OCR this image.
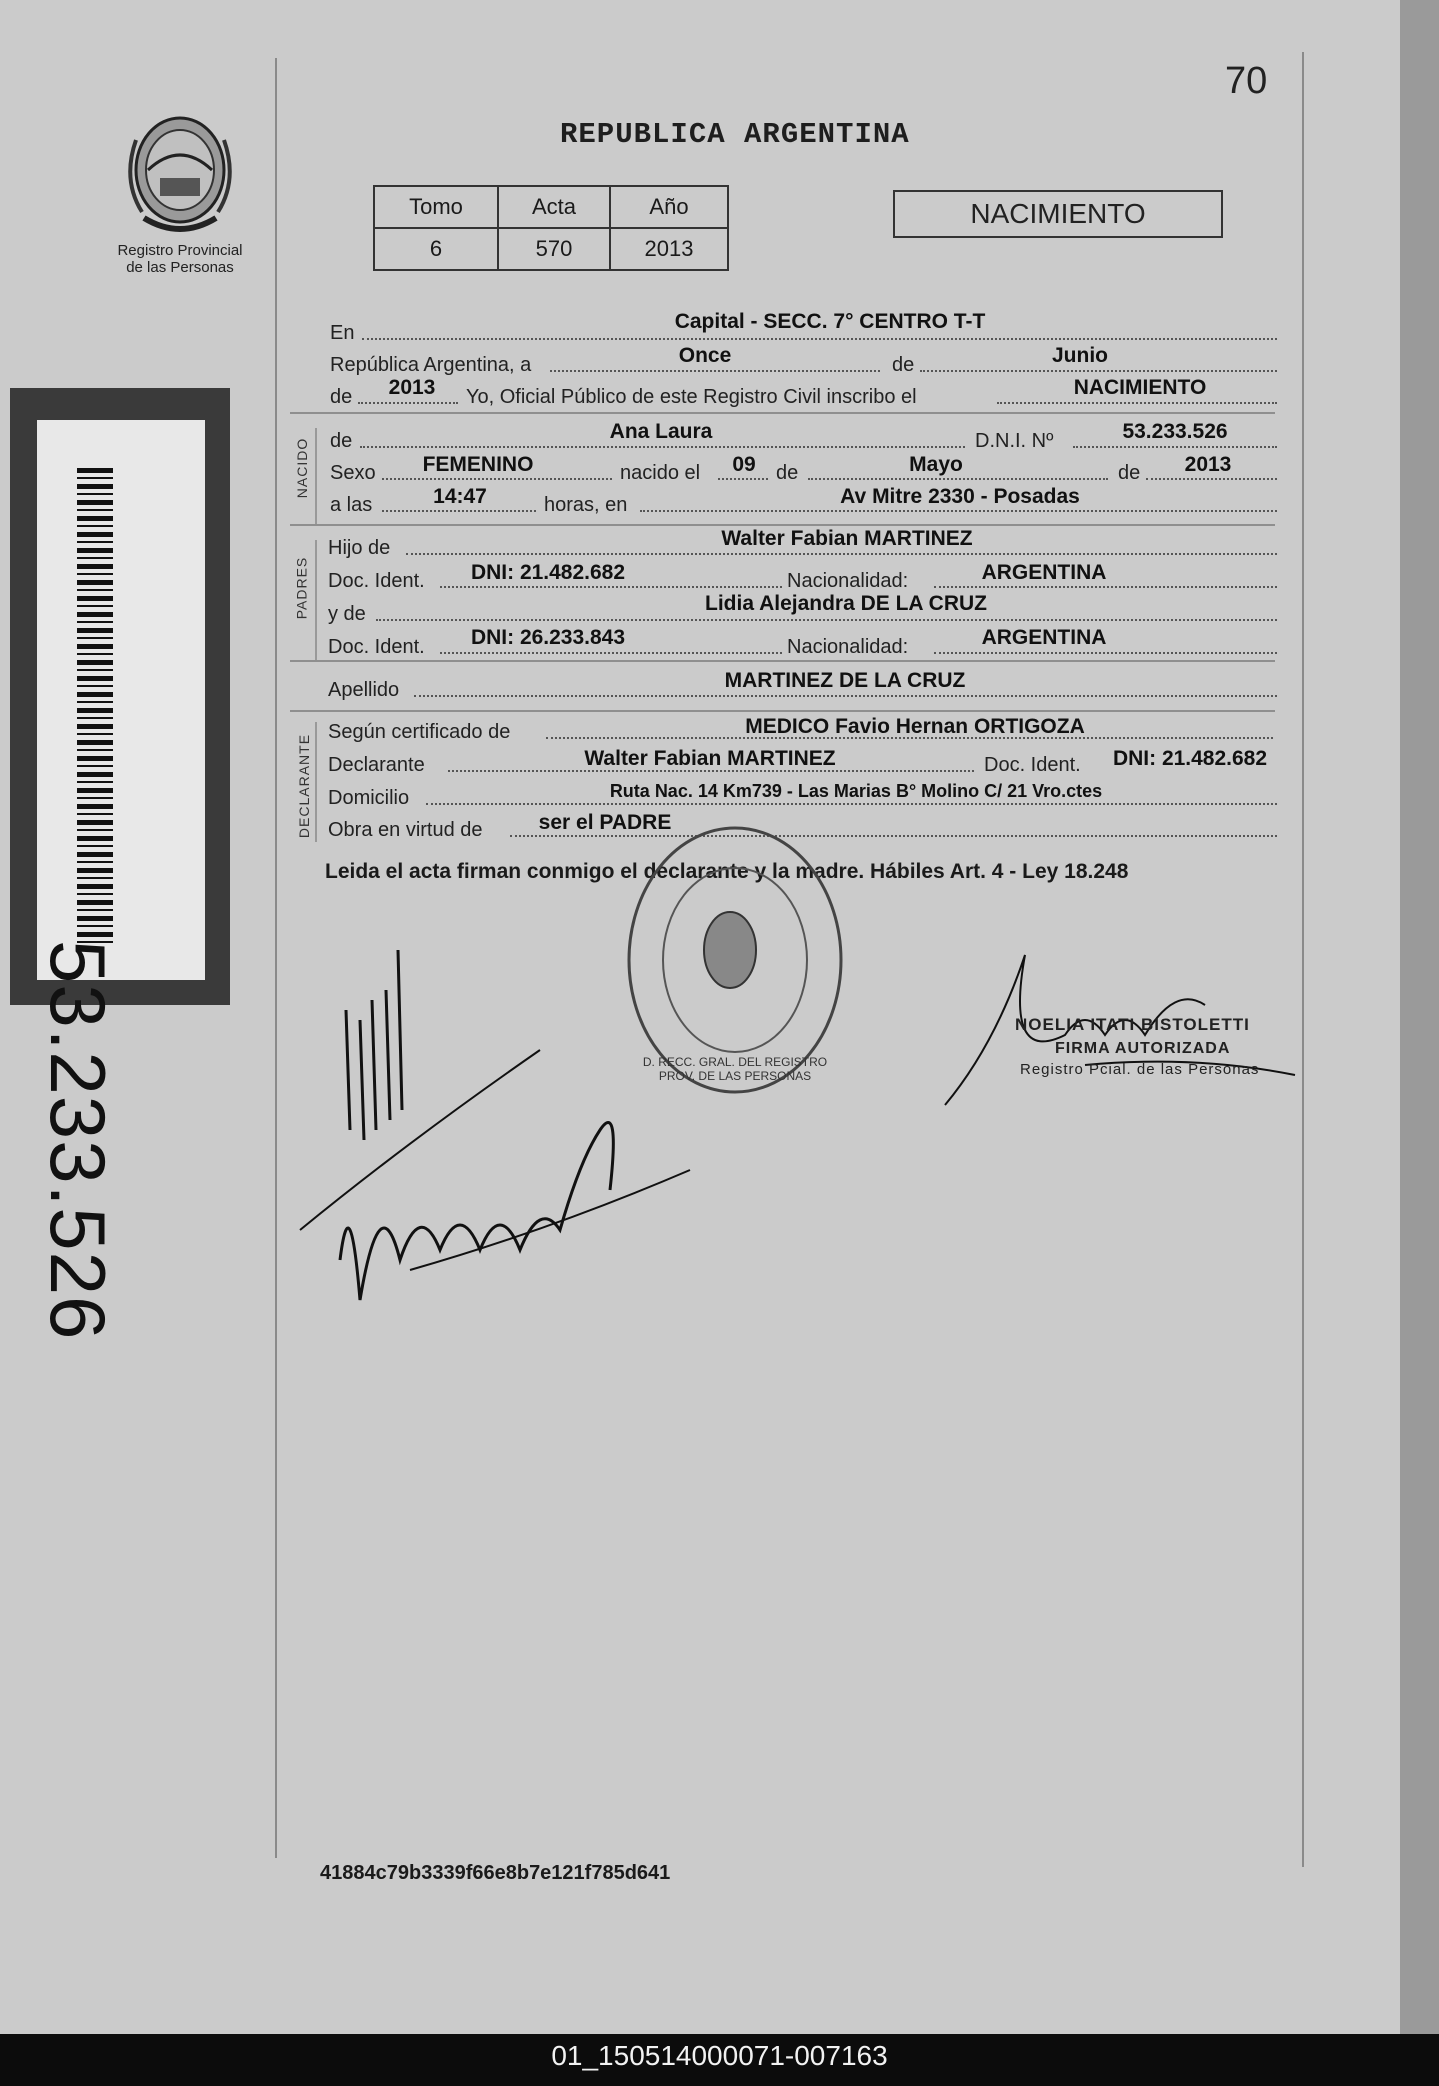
70
REPUBLICA ARGENTINA
Registro Provincial
de las Personas
Tomo	Acta	Año
6	570	2013
NACIMIENTO
53.233.526
NACIDO
PADRES
DECLARANTE
En	Capital - SECC. 7° CENTRO T-T
República Argentina, a	Once	de	Junio
de 2013 Yo, Oficial Público de este Registro Civil inscribo el	NACIMIENTO
de	Ana Laura	D.N.I. Nº	53.233.526
Sexo FEMENINO	nacido el 09 de	Mayo	de 2013
a las	14:47	horas, en	Av Mitre 2330 - Posadas
Hijo de	Walter Fabian MARTINEZ
Doc. Ident. DNI: 21.482.682	Nacionalidad:	ARGENTINA
y de	Lidia Alejandra DE LA CRUZ
Doc. Ident. DNI: 26.233.843	Nacionalidad:	ARGENTINA
Apellido	MARTINEZ DE LA CRUZ
Según certificado de	MEDICO Favio Hernan ORTIGOZA
Declarante	Walter Fabian MARTINEZ	Doc. Ident. DNI: 21.482.682
Domicilio	Ruta Nac. 14 Km739 - Las Marias B° Molino C/ 21 Vro.ctes
Obra en virtud de	ser el PADRE
Leida el acta firman conmigo el declarante y la madre. Hábiles Art. 4 - Ley 18.248
D. RECC. GRAL. DEL REGISTRO PROV. DE LAS PERSONAS
NOELIA ITATI BISTOLETTI
FIRMA AUTORIZADA
Registro Pcial. de las Personas
41884c79b3339f66e8b7e121f785d641
01_150514000071-007163
